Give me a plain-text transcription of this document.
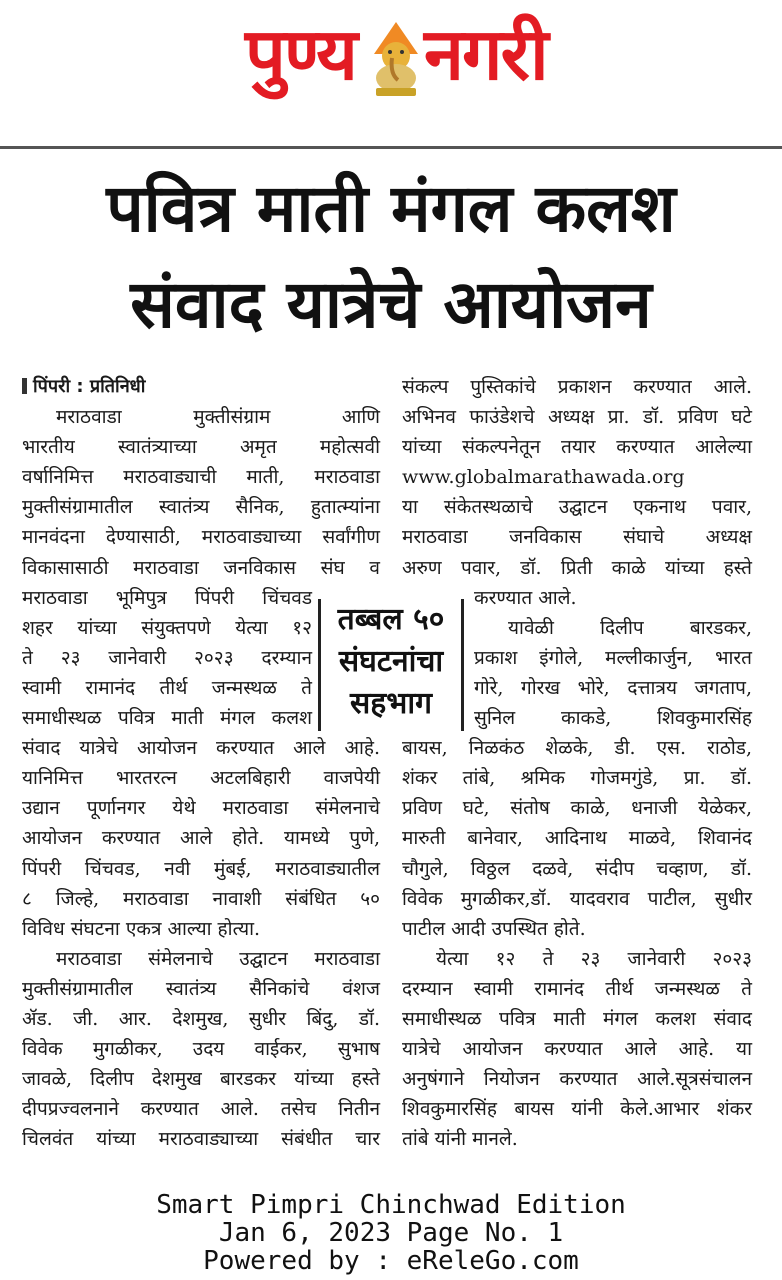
पुण्य नगरी
पवित्र माती मंगल कलश
संवाद यात्रेचे आयोजन

पिंपरी : प्रतिनिधी

मराठवाडा मुक्तीसंग्राम आणि

भारतीय स्वातंत्र्याच्या अमृत महोत्सवी

वर्षानिमित्त मराठवाड्याची माती, मराठवाडा

मुक्तीसंग्रामातील स्वातंत्र्य सैनिक, हुतात्म्यांना

मानवंदना देण्यासाठी, मराठवाड्याच्या सर्वांगीण

विकासासाठी मराठवाडा जनविकास संघ व

मराठवाडा भूमिपुत्र पिंपरी चिंचवड

शहर यांच्या संयुक्तपणे येत्या १२

ते २३ जानेवारी २०२३ दरम्यान

स्वामी रामानंद तीर्थ जन्मस्थळ ते

समाधीस्थळ पवित्र माती मंगल कलश

संवाद यात्रेचे आयोजन करण्यात आले आहे.

यानिमित्त भारतरत्न अटलबिहारी वाजपेयी

उद्यान पूर्णानगर येथे मराठवाडा संमेलनाचे

आयोजन करण्यात आले होते. यामध्ये पुणे,

पिंपरी चिंचवड, नवी मुंबई, मराठवाड्यातील

८ जिल्हे, मराठवाडा नावाशी संबंधित ५०

विविध संघटना एकत्र आल्या होत्या.

मराठवाडा संमेलनाचे उद्घाटन मराठवाडा

मुक्तीसंग्रामातील स्वातंत्र्य सैनिकांचे वंशज

ॲड. जी. आर. देशमुख, सुधीर बिंदु, डॉ.

विवेक मुगळीकर, उदय वाईकर, सुभाष

जावळे, दिलीप देशमुख बारडकर यांच्या हस्ते

दीपप्रज्वलनाने करण्यात आले. तसेच नितीन

चिलवंत यांच्या मराठवाड्याच्या संबंधीत चार

संकल्प पुस्तिकांचे प्रकाशन करण्यात आले.

अभिनव फाउंडेशचे अध्यक्ष प्रा. डॉ. प्रविण घटे

यांच्या संकल्पनेतून तयार करण्यात आलेल्या

www.globalmarathawada.org

या संकेतस्थळाचे उद्घाटन एकनाथ पवार,

मराठवाडा जनविकास संघाचे अध्यक्ष

अरुण पवार, डॉ. प्रिती काळे यांच्या हस्ते

करण्यात आले.

यावेळी दिलीप बारडकर,

प्रकाश इंगोले, मल्लीकार्जुन, भारत

गोरे, गोरख भोरे, दत्तात्रय जगताप,

सुनिल काकडे, शिवकुमारसिंह

बायस, निळकंठ शेळके, डी. एस. राठोड,

शंकर तांबे, श्रमिक गोजमगुंडे, प्रा. डॉ.

प्रविण घटे, संतोष काळे, धनाजी येळेकर,

मारुती बानेवार, आदिनाथ माळवे, शिवानंद

चौगुले, विठ्ठल दळवे, संदीप चव्हाण, डॉ.

विवेक मुगळीकर,डॉ. यादवराव पाटील, सुधीर

पाटील आदी उपस्थित होते.

येत्या १२ ते २३ जानेवारी २०२३

दरम्यान स्वामी रामानंद तीर्थ जन्मस्थळ ते

समाधीस्थळ पवित्र माती मंगल कलश संवाद

यात्रेचे आयोजन करण्यात आले आहे. या

अनुषंगाने नियोजन करण्यात आले.सूत्रसंचालन

शिवकुमारसिंह बायस यांनी केले.आभार शंकर

तांबे यांनी मानले.

तब्बल ५०
संघटनांचा
सहभाग
Smart Pimpri Chinchwad Edition
Jan 6, 2023 Page No. 1
Powered by : eReleGo.com
